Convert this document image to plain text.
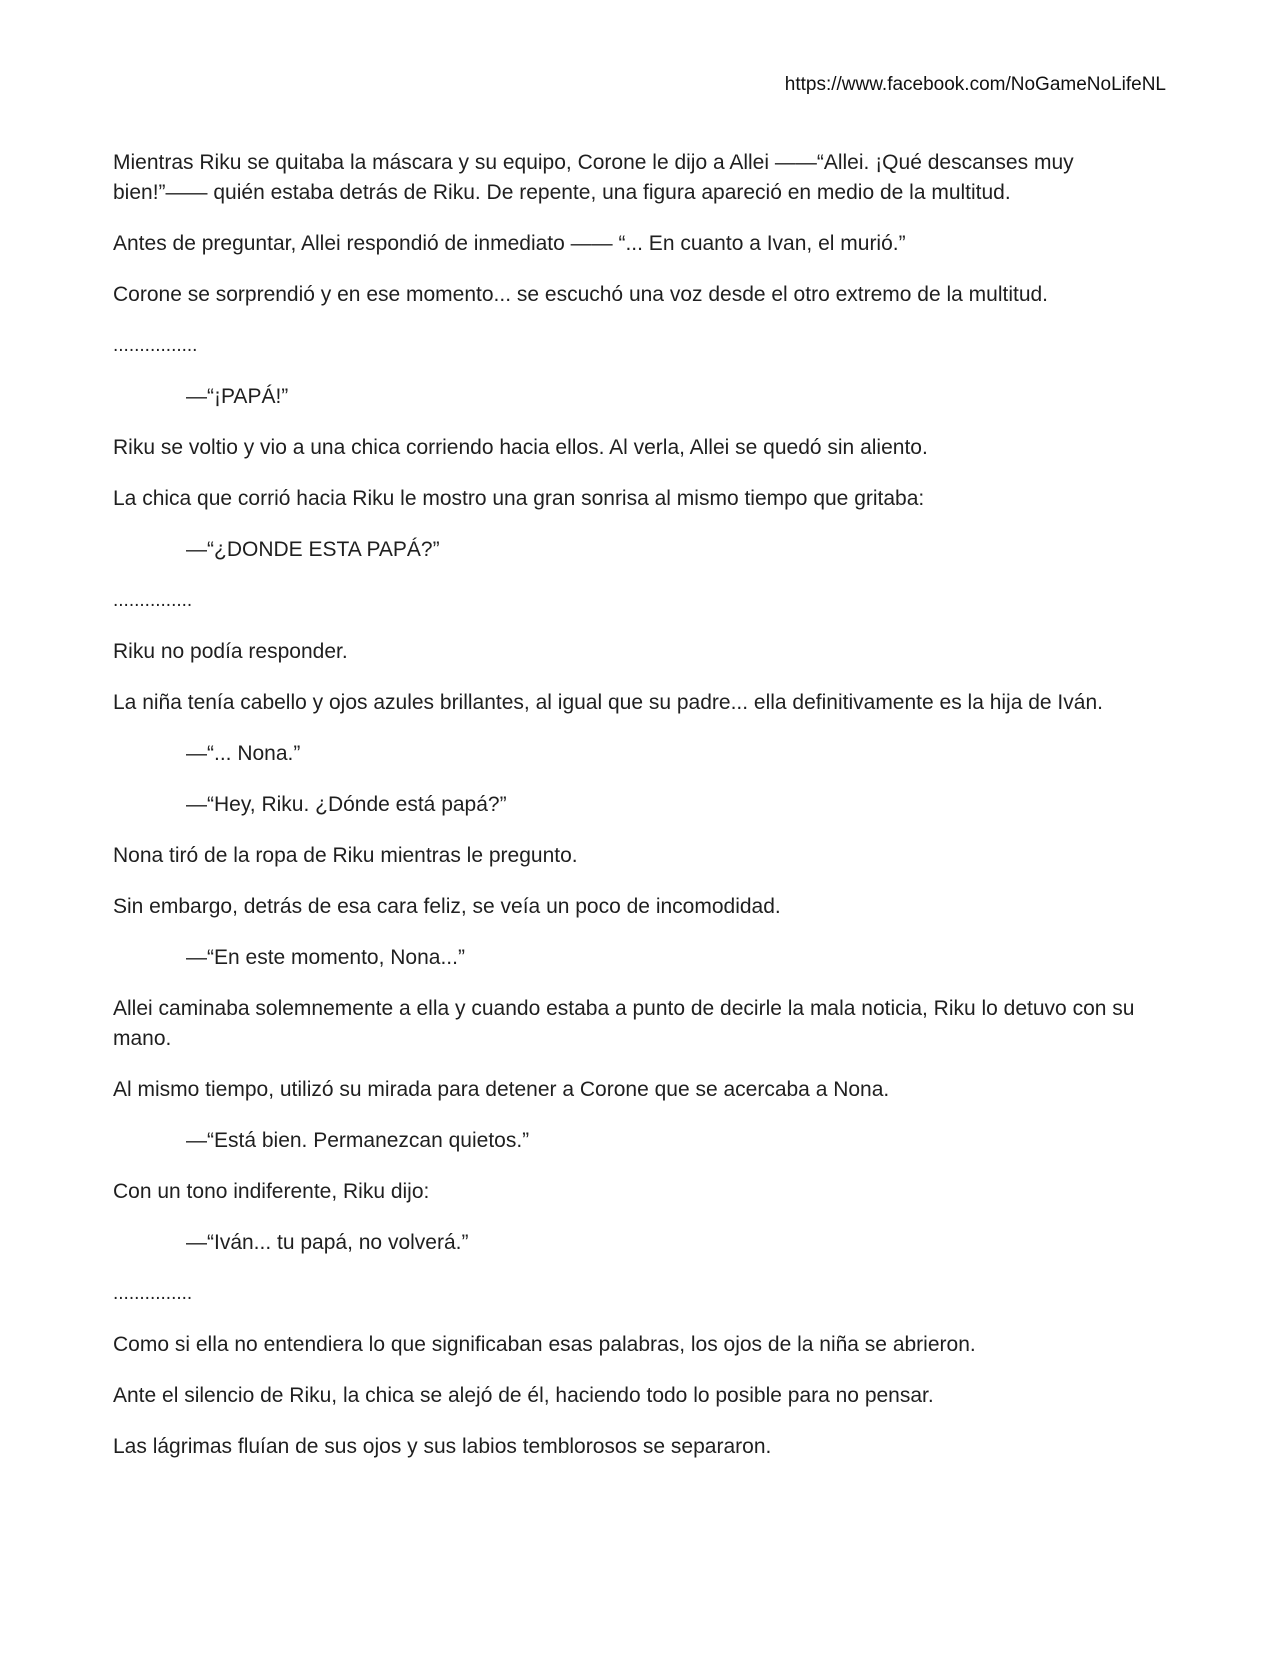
https://www.facebook.com/NoGameNoLifeNL

Mientras Riku se quitaba la máscara y su equipo, Corone le dijo a Allei ——“Allei. ¡Qué descanses muy bien!”—— quién estaba detrás de Riku. De repente, una figura apareció en medio de la multitud.

Antes de preguntar, Allei respondió de inmediato —— “... En cuanto a Ivan, el murió.”

Corone se sorprendió y en ese momento... se escuchó una voz desde el otro extremo de la multitud.

................

—“¡PAPÁ!”

Riku se voltio y vio a una chica corriendo hacia ellos. Al verla, Allei se quedó sin aliento.

La chica que corrió hacia Riku le mostro una gran sonrisa al mismo tiempo que gritaba:

—“¿DONDE ESTA PAPÁ?”

...............

Riku no podía responder.

La niña tenía cabello y ojos azules brillantes, al igual que su padre... ella definitivamente es la hija de Iván.

—“... Nona.”

—“Hey, Riku. ¿Dónde está papá?”

Nona tiró de la ropa de Riku mientras le pregunto.

Sin embargo, detrás de esa cara feliz, se veía un poco de incomodidad.

—“En este momento, Nona...”

Allei caminaba solemnemente a ella y cuando estaba a punto de decirle la mala noticia, Riku lo detuvo con su mano.

Al mismo tiempo, utilizó su mirada para detener a Corone que se acercaba a Nona.

—“Está bien. Permanezcan quietos.”

Con un tono indiferente, Riku dijo:

—“Iván... tu papá, no volverá.”

...............

Como si ella no entendiera lo que significaban esas palabras, los ojos de la niña se abrieron.

Ante el silencio de Riku, la chica se alejó de él, haciendo todo lo posible para no pensar.

Las lágrimas fluían de sus ojos y sus labios temblorosos se separaron.
